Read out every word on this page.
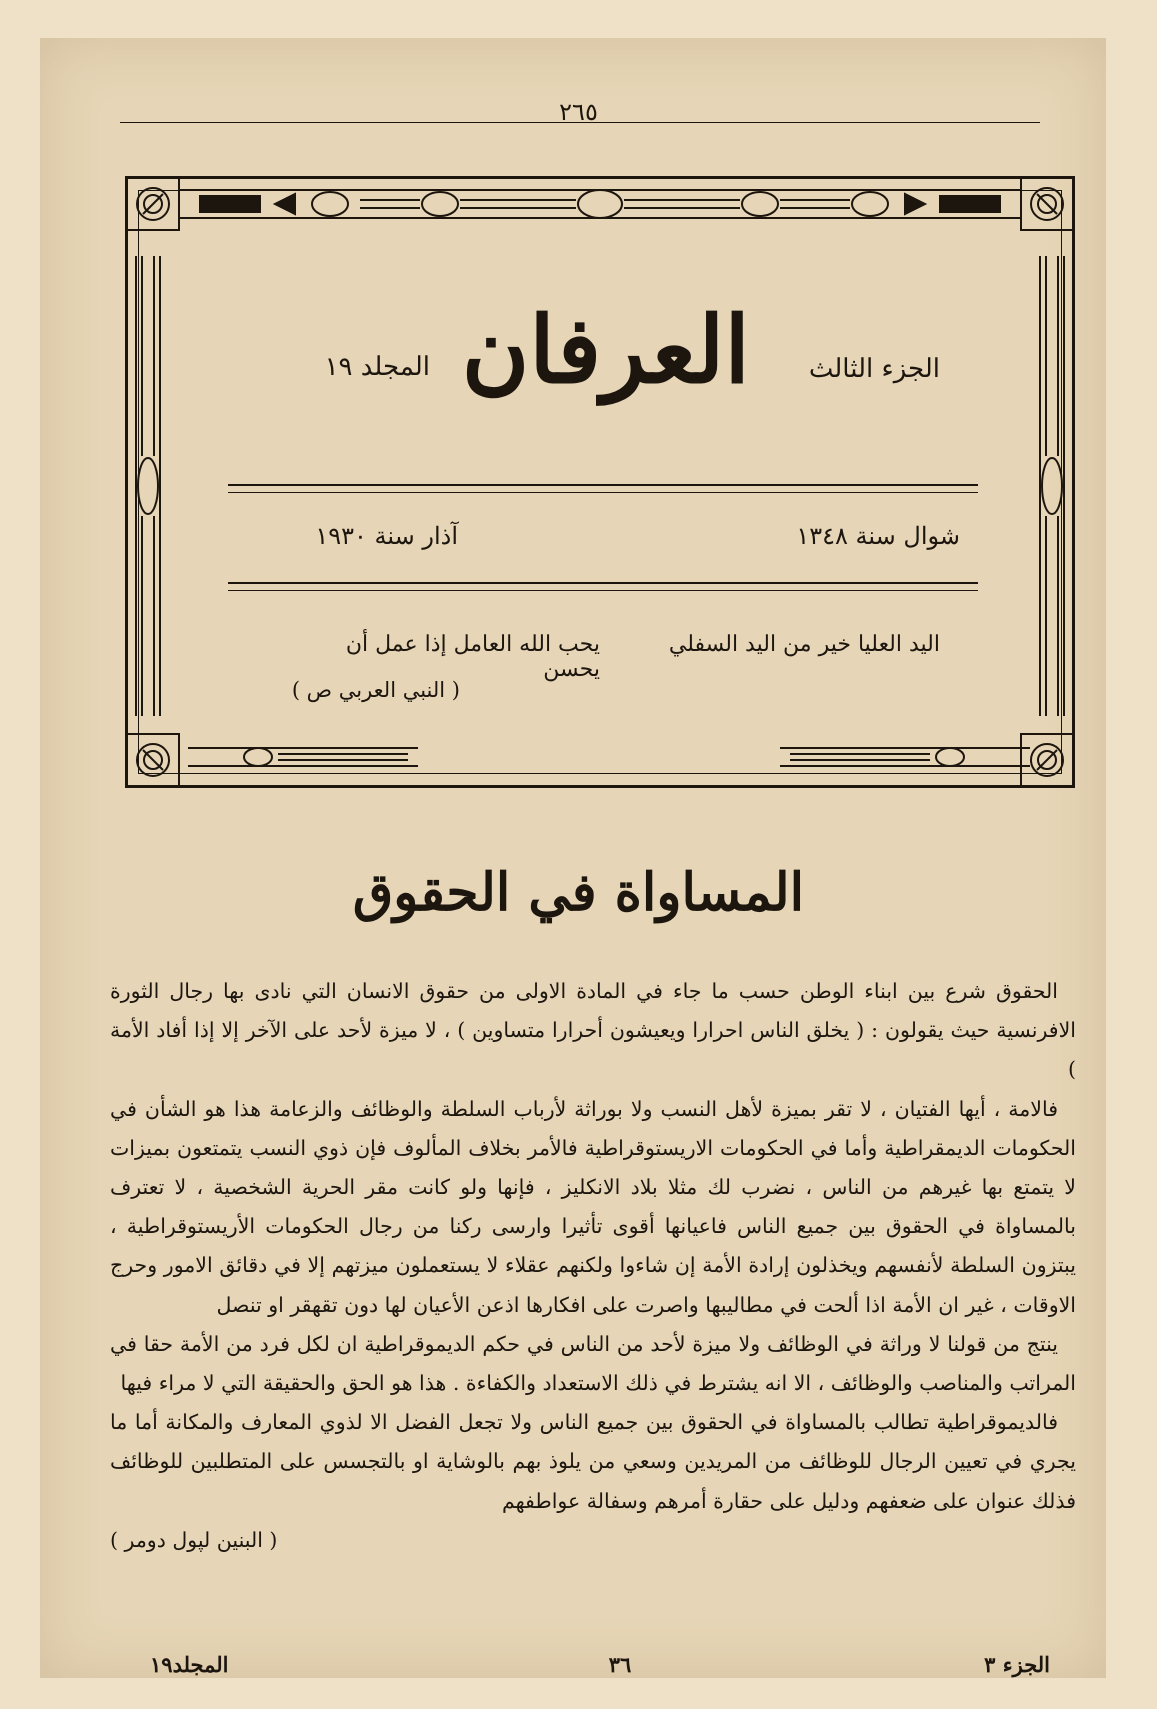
٢٦٥
الجزء الثالث
العرفان
المجلد ١٩
شوال سنة ١٣٤٨
آذار سنة ١٩٣٠
اليد العليا خير من اليد السفلي
يحب الله العامل إذا عمل أن يحسن
( النبي العربي ص )
المساواة في الحقوق

الحقوق شرع بين ابناء الوطن حسب ما جاء في المادة الاولى من حقوق الانسان التي نادى بها رجال الثورة الافرنسية حيث يقولون : ( يخلق الناس احرارا ويعيشون أحرارا متساوين ) ، لا ميزة لأحد على الآخر إلا إذا أفاد الأمة )

فالامة ، أيها الفتيان ، لا تقر بميزة لأهل النسب ولا بوراثة لأرباب السلطة والوظائف والزعامة هذا هو الشأن في الحكومات الديمقراطية وأما في الحكومات الاريستوقراطية فالأمر بخلاف المألوف فإن ذوي النسب يتمتعون بميزات لا يتمتع بها غيرهم من الناس ، نضرب لك مثلا بلاد الانكليز ، فإنها ولو كانت مقر الحرية الشخصية ، لا تعترف بالمساواة في الحقوق بين جميع الناس فاعيانها أقوى تأثيرا وارسى ركنا من رجال الحكومات الأريستوقراطية ، يبتزون السلطة لأنفسهم ويخذلون إرادة الأمة إن شاءوا ولكنهم عقلاء لا يستعملون ميزتهم إلا في دقائق الامور وحرج الاوقات ، غير ان الأمة اذا ألحت في مطاليبها واصرت على افكارها اذعن الأعيان لها دون تقهقر او تنصل

ينتج من قولنا لا وراثة في الوظائف ولا ميزة لأحد من الناس في حكم الديموقراطية ان لكل فرد من الأمة حقا في المراتب والمناصب والوظائف ، الا انه يشترط في ذلك الاستعداد والكفاءة . هذا هو الحق والحقيقة التي لا مراء فيها

فالديموقراطية تطالب بالمساواة في الحقوق بين جميع الناس ولا تجعل الفضل الا لذوي المعارف والمكانة أما ما يجري في تعيين الرجال للوظائف من المريدين وسعي من يلوذ بهم بالوشاية او بالتجسس على المتطلبين للوظائف فذلك عنوان على ضعفهم ودليل على حقارة أمرهم وسفالة عواطفهم

( البنين لپول دومر )
الجزء ٣
٣٦
المجلد١٩
